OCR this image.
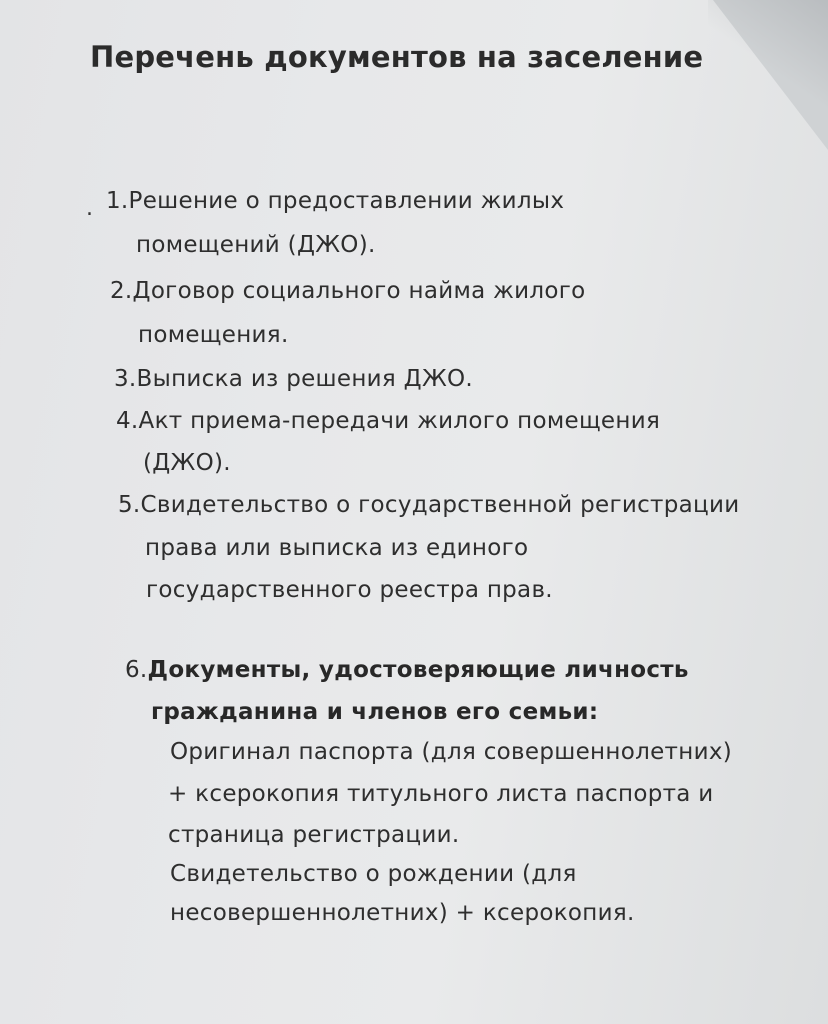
Перечень документов на заселение
. 1.Решение о предоставлении жилых
помещений (ДЖО).
2.Договор социального найма жилого
помещения.
3.Выписка из решения ДЖО.
4.Акт приема-передачи жилого помещения
(ДЖО).
5.Свидетельство о государственной регистрации
права или выписка из единого
государственного реестра прав.
6.Документы, удостоверяющие личность
гражданина и членов его семьи:
Оригинал паспорта (для совершеннолетних)
+ ксерокопия титульного листа паспорта и
страница регистрации.
Свидетельство о рождении (для
несовершеннолетних) + ксерокопия.
